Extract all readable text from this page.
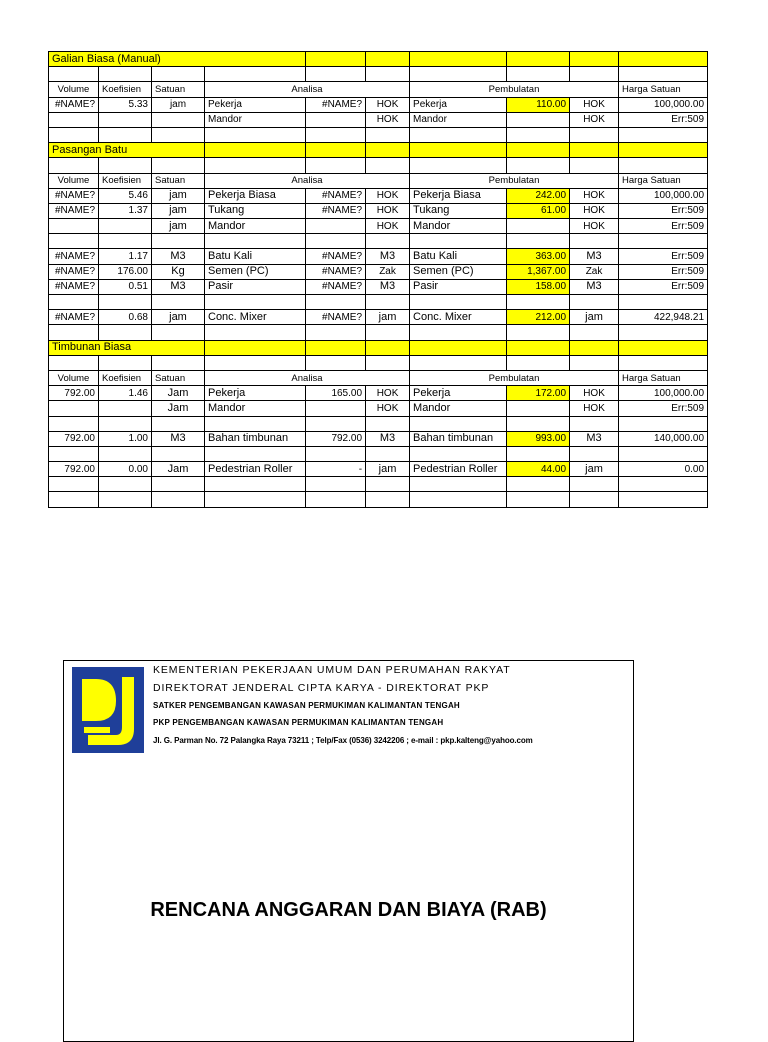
Galian Biasa (Manual)									

Volume	Koefisien	Satuan	Analisa			Pembulatan			Harga Satuan
#NAME?	5.33	jam	Pekerja	#NAME?	HOK	Pekerja	110.00	HOK	100,000.00
			Mandor		HOK	Mandor		HOK	Err:509

Pasangan Batu									

Volume	Koefisien	Satuan	Analisa			Pembulatan			Harga Satuan
#NAME?	5.46	jam	Pekerja Biasa	#NAME?	HOK	Pekerja Biasa	242.00	HOK	100,000.00
#NAME?	1.37	jam	Tukang	#NAME?	HOK	Tukang	61.00	HOK	Err:509
		jam	Mandor		HOK	Mandor		HOK	Err:509

#NAME?	1.17	M3	Batu Kali	#NAME?	M3	Batu Kali	363.00	M3	Err:509
#NAME?	176.00	Kg	Semen (PC)	#NAME?	Zak	Semen (PC)	1,367.00	Zak	Err:509
#NAME?	0.51	M3	Pasir	#NAME?	M3	Pasir	158.00	M3	Err:509

#NAME?	0.68	jam	Conc. Mixer	#NAME?	jam	Conc. Mixer	212.00	jam	422,948.21

Timbunan Biasa									

Volume	Koefisien	Satuan	Analisa			Pembulatan			Harga Satuan
792.00	1.46	Jam	Pekerja	165.00	HOK	Pekerja	172.00	HOK	100,000.00
		Jam	Mandor		HOK	Mandor		HOK	Err:509

792.00	1.00	M3	Bahan timbunan	792.00	M3	Bahan timbunan	993.00	M3	140,000.00

792.00	0.00	Jam	Pedestrian Roller	-	jam	Pedestrian Roller	44.00	jam	0.00

KEMENTERIAN PEKERJAAN UMUM DAN PERUMAHAN RAKYAT
DIREKTORAT JENDERAL CIPTA KARYA - DIREKTORAT PKP
SATKER PENGEMBANGAN KAWASAN PERMUKIMAN KALIMANTAN TENGAH
PKP PENGEMBANGAN KAWASAN PERMUKIMAN KALIMANTAN TENGAH
Jl. G. Parman No. 72 Palangka Raya 73211 ; Telp/Fax (0536) 3242206 ; e-mail : pkp.kalteng@yahoo.com
RENCANA ANGGARAN DAN BIAYA (RAB)
